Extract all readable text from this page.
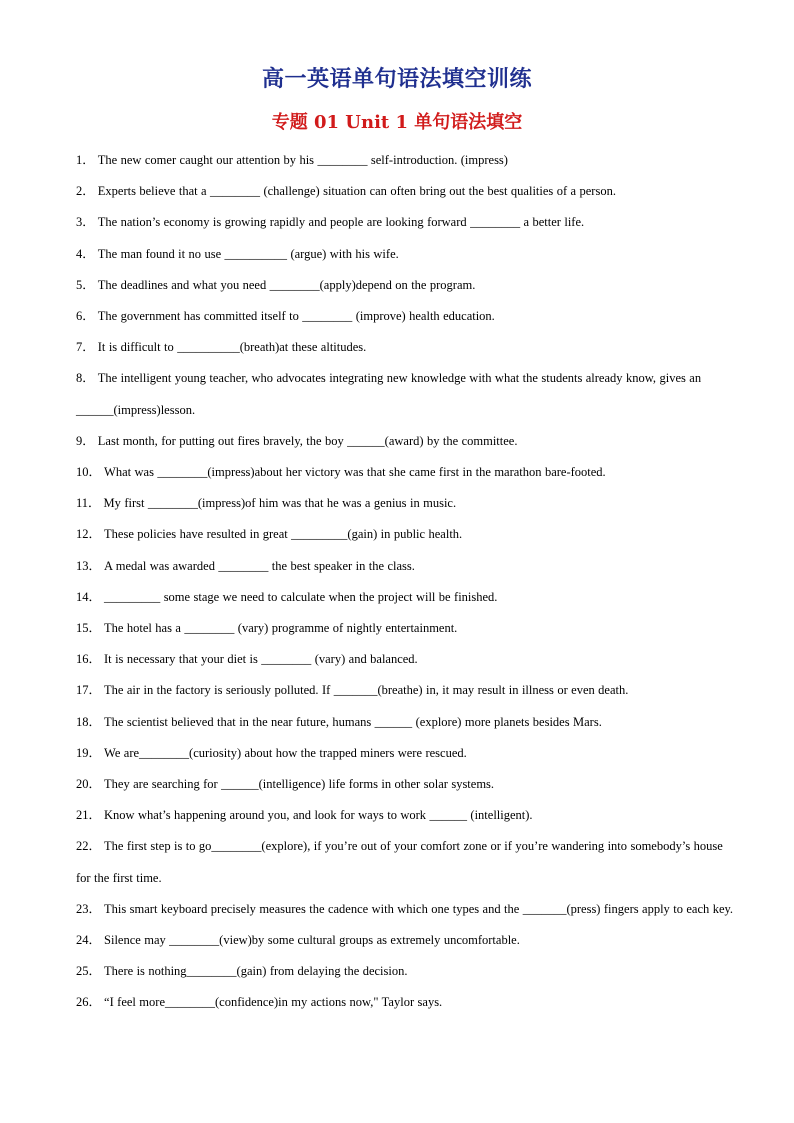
高一英语单句语法填空训练
专题 01 Unit 1 单句语法填空
1． The new comer caught our attention by his ________ self-introduction. (impress)
2． Experts believe that a ________ (challenge) situation can often bring out the best qualities of a person.
3． The nation’s economy is growing rapidly and people are looking forward ________ a better life.
4． The man found it no use __________ (argue) with his wife.
5． The deadlines and what you need ________(apply)depend on the program.
6． The government has committed itself to ________ (improve) health education.
7． It is difficult to __________(breath)at these altitudes.
8． The intelligent young teacher, who advocates integrating new knowledge with what the students already know, gives an ______(impress)lesson.
9． Last month, for putting out fires bravely, the boy ______(award) by the committee.
10． What was ________(impress)about her victory was that she came first in the marathon bare-footed.
11． My first ________(impress)of him was that he was a genius in music.
12． These policies have resulted in great _________(gain) in public health.
13． A medal was awarded ________ the best speaker in the class.
14． _________ some stage we need to calculate when the project will be finished.
15． The hotel has a ________ (vary) programme of nightly entertainment.
16． It is necessary that your diet is ________ (vary) and balanced.
17． The air in the factory is seriously polluted. If _______(breathe) in, it may result in illness or even death.
18． The scientist believed that in the near future, humans ______ (explore) more planets besides Mars.
19． We are________(curiosity) about how the trapped miners were rescued.
20． They are searching for ______(intelligence) life forms in other solar systems.
21． Know what’s happening around you, and look for ways to work ______ (intelligent).
22． The first step is to go________(explore), if you’re out of your comfort zone or if you’re wandering into somebody’s house for the first time.
23． This smart keyboard precisely measures the cadence with which one types and the _______(press) fingers apply to each key.
24． Silence may ________(view)by some cultural groups as extremely uncomfortable.
25． There is nothing________(gain) from delaying the decision.
26． “I feel more________(confidence)in my actions now," Taylor says.
